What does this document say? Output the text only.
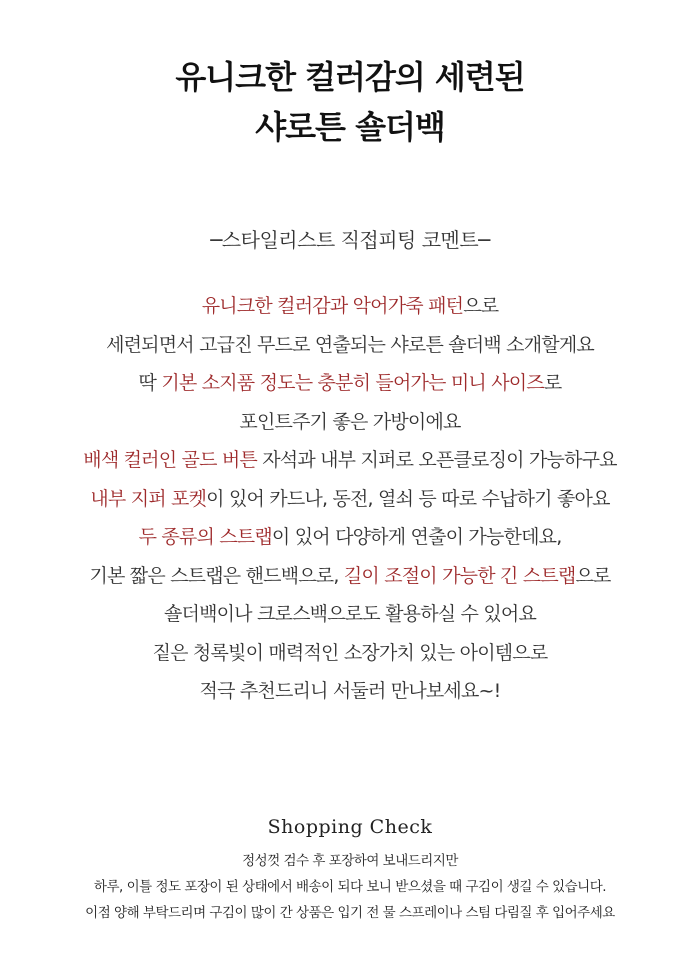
유니크한 컬러감의 세련된
샤로튼 숄더백
─스타일리스트 직접피팅 코멘트─
유니크한 컬러감과 악어가죽 패턴으로
세련되면서 고급진 무드로 연출되는 샤로튼 숄더백 소개할게요
딱 기본 소지품 정도는 충분히 들어가는 미니 사이즈로
포인트주기 좋은 가방이에요
배색 컬러인 골드 버튼 자석과 내부 지퍼로 오픈클로징이 가능하구요
내부 지퍼 포켓이 있어 카드나, 동전, 열쇠 등 따로 수납하기 좋아요
두 종류의 스트랩이 있어 다양하게 연출이 가능한데요,
기본 짧은 스트랩은 핸드백으로, 길이 조절이 가능한 긴 스트랩으로
숄더백이나 크로스백으로도 활용하실 수 있어요
짙은 청록빛이 매력적인 소장가치 있는 아이템으로
적극 추천드리니 서둘러 만나보세요~!
Shopping Check
정성껏 검수 후 포장하여 보내드리지만
하루, 이틀 정도 포장이 된 상태에서 배송이 되다 보니 받으셨을 때 구김이 생길 수 있습니다.
이점 양해 부탁드리며 구김이 많이 간 상품은 입기 전 물 스프레이나 스팀 다림질 후 입어주세요
